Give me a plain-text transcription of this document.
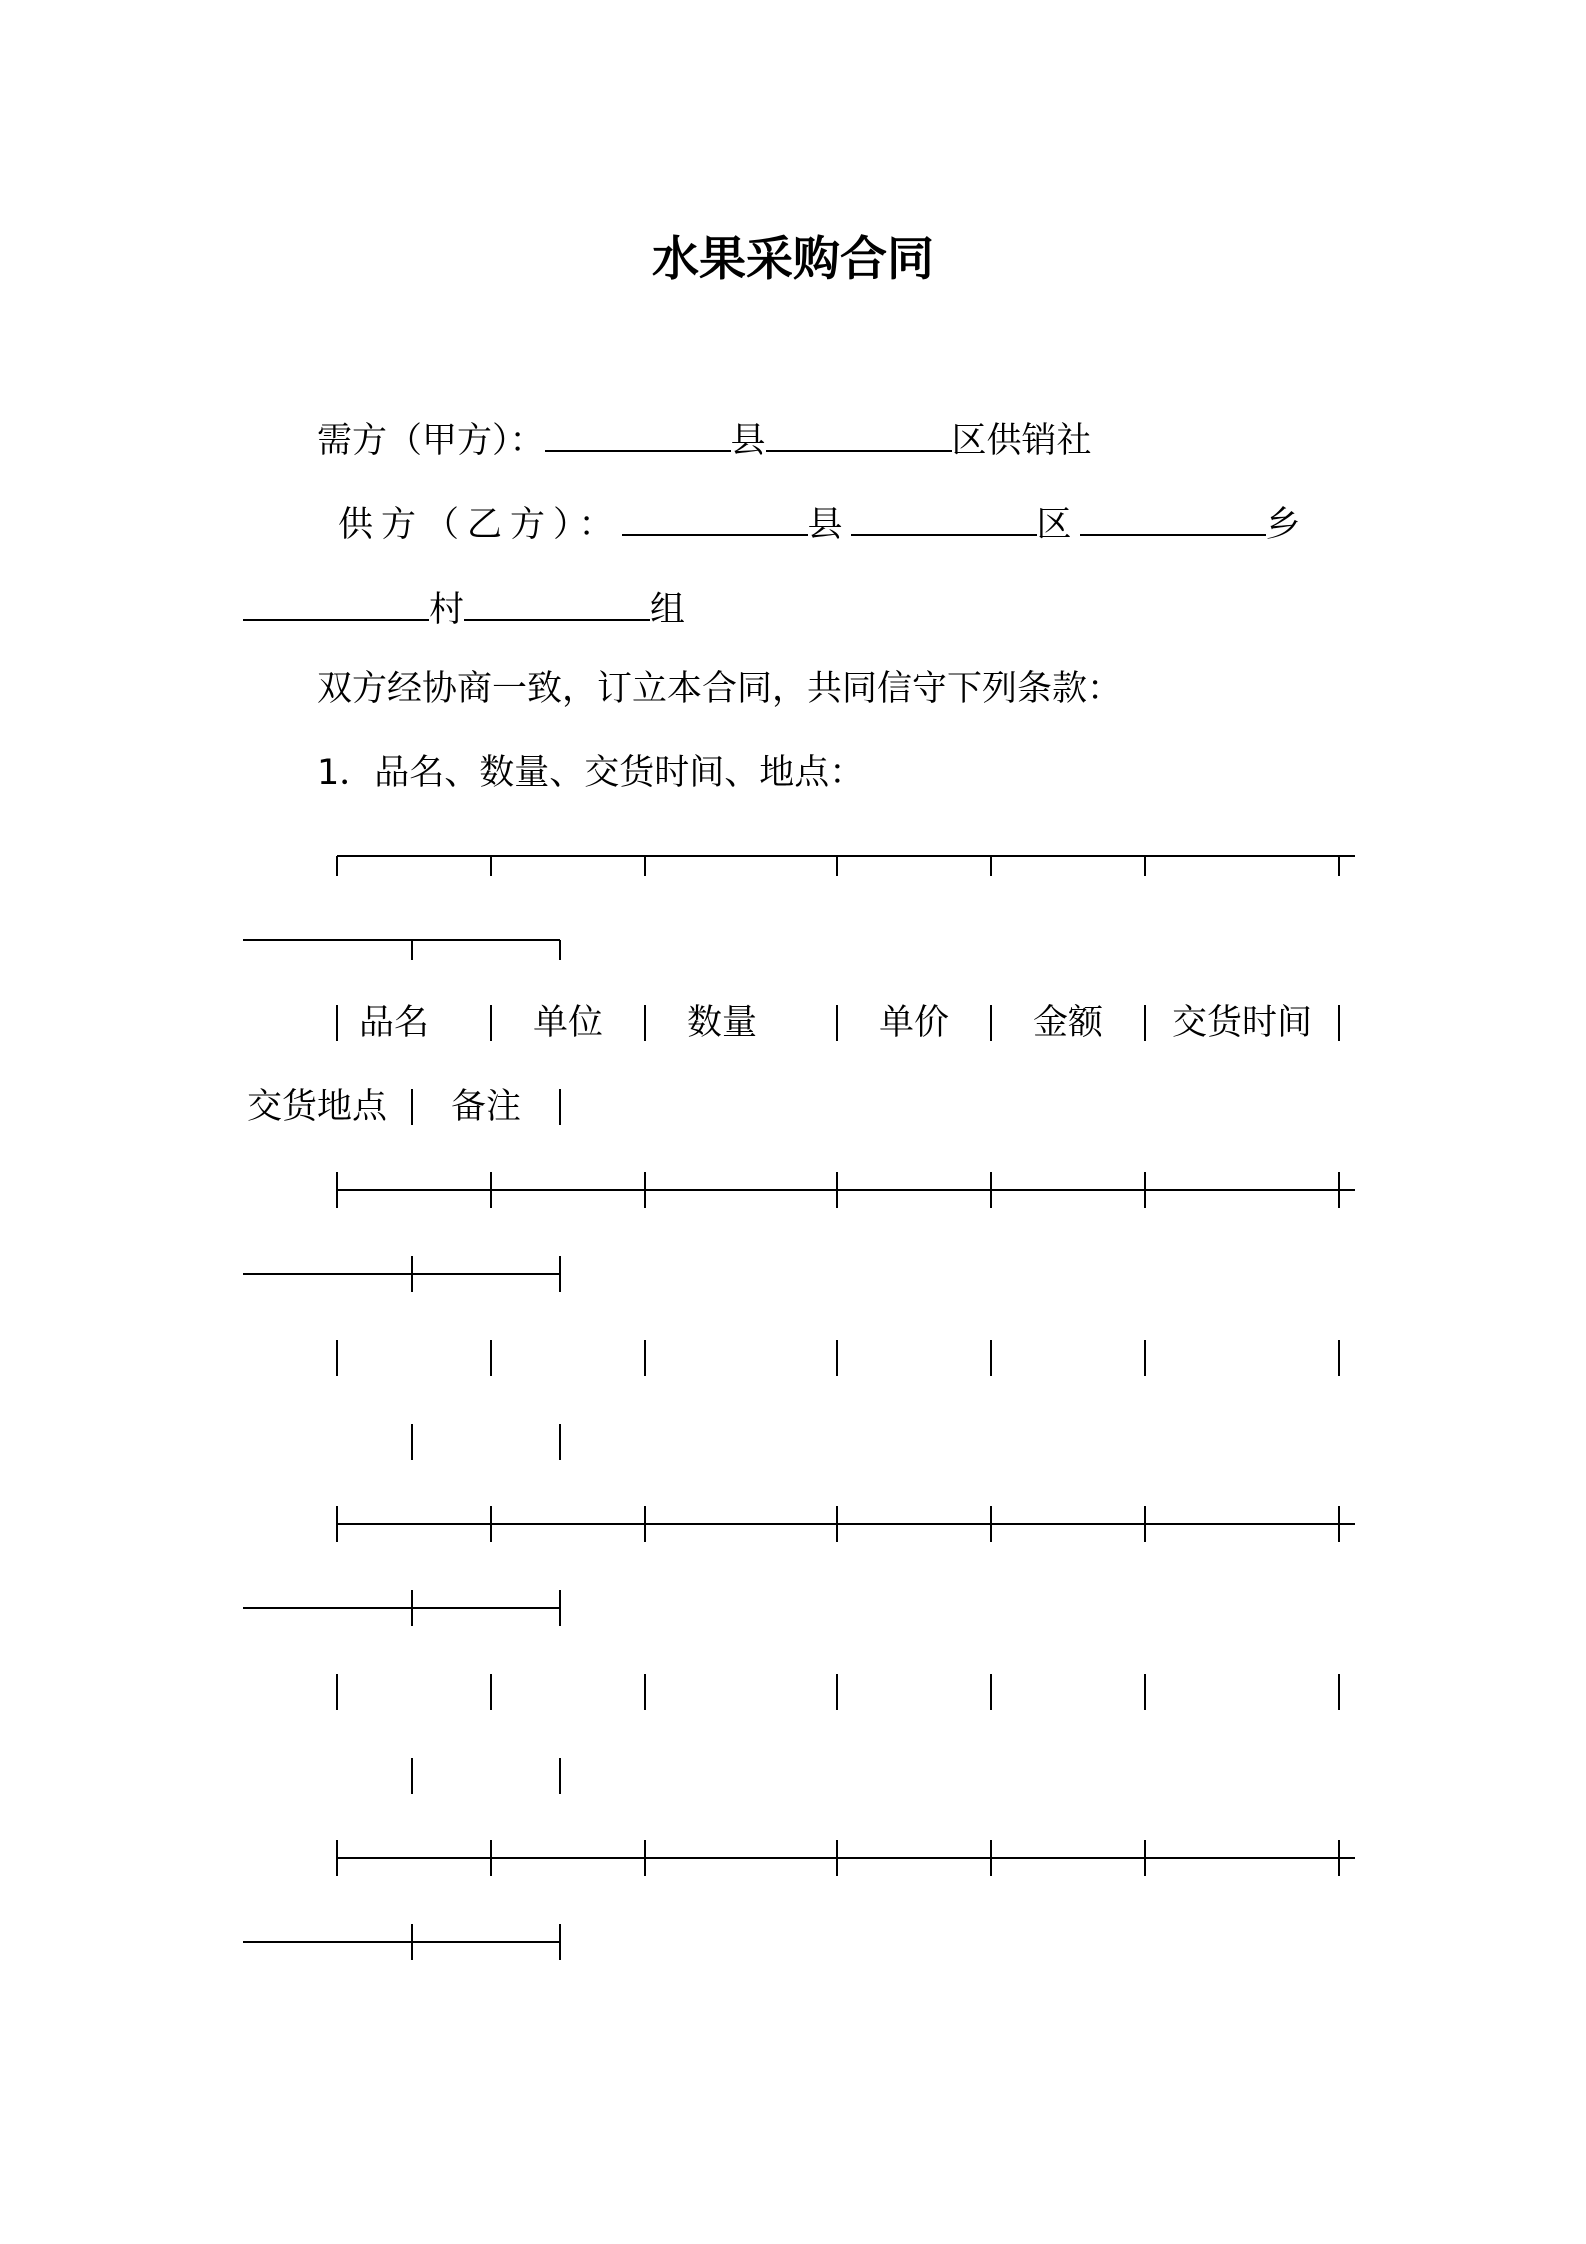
水果采购合同
需方（甲方）：	县	区供销社
供方（乙方）：	县	区	乡
村	组
双方经协商一致，订立本合同，共同信守下列条款：
1．品名、数量、交货时间、地点：
品名	单位 数量	单价 金额 交货时间
交货地点 备注
